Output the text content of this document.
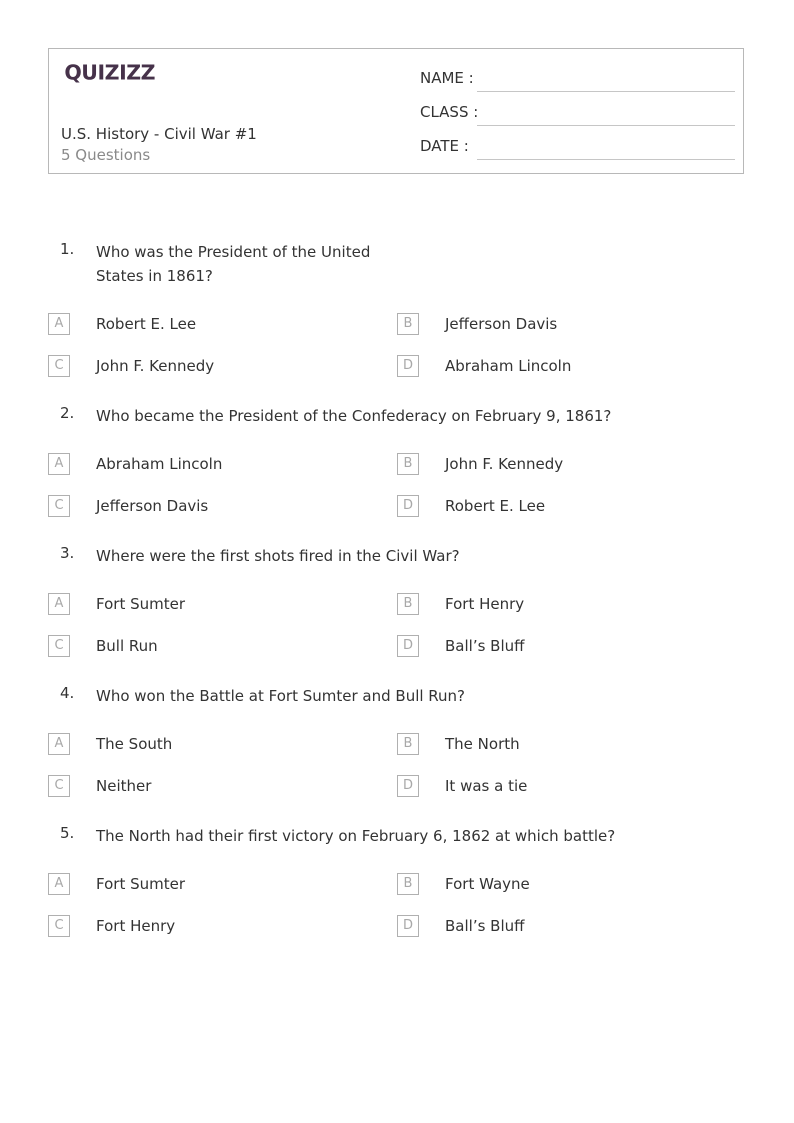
QUIZIZZ
U.S. History - Civil War #1
5 Questions
NAME :
CLASS :
DATE :
1. Who was the President of the United States in 1861?
A	Robert E. Lee	B	Jefferson Davis
C	John F. Kennedy	D	Abraham Lincoln
2. Who became the President of the Confederacy on February 9, 1861?
A	Abraham Lincoln	B	John F. Kennedy
C	Jefferson Davis	D	Robert E. Lee
3. Where were the first shots fired in the Civil War?
A	Fort Sumter	B	Fort Henry
C	Bull Run	D	Ball’s Bluff
4. Who won the Battle at Fort Sumter and Bull Run?
A	The South	B	The North
C	Neither	D	It was a tie
5. The North had their first victory on February 6, 1862 at which battle?
A	Fort Sumter	B	Fort Wayne
C	Fort Henry	D	Ball’s Bluff
